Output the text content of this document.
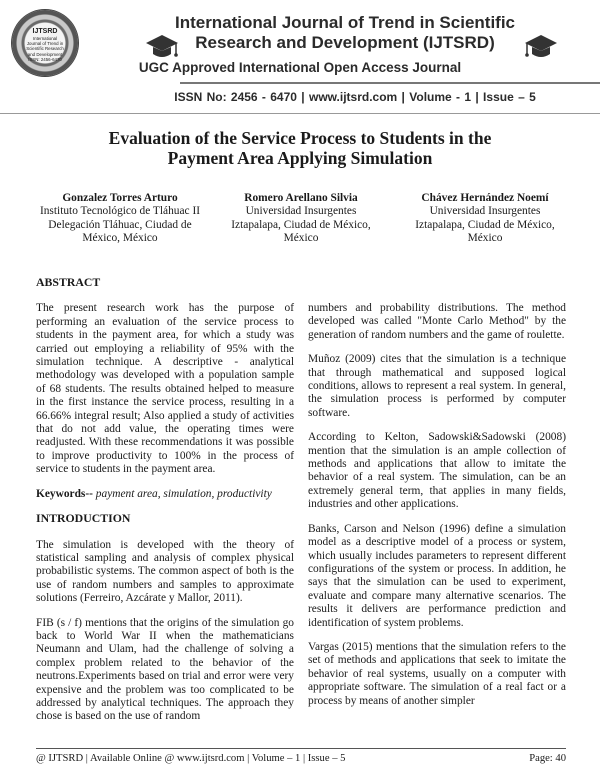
IJTSRD
International Journal of Trend in Scientific Research and Development
ISSN: 2456-6470
International Journal of Trend in Scientific
Research and Development (IJTSRD)
UGC Approved International Open Access Journal
ISSN No: 2456 - 6470 | www.ijtsrd.com | Volume - 1 | Issue – 5
Evaluation of the Service Process to Students in the
Payment Area Applying Simulation
Gonzalez Torres Arturo
Instituto Tecnológico de Tláhuac II
Delegación Tláhuac, Ciudad de
México, México
Romero Arellano Silvia
Universidad Insurgentes
Iztapalapa, Ciudad de México,
México
Chávez Hernández Noemí
Universidad Insurgentes
Iztapalapa, Ciudad de México,
México
ABSTRACT
The present research work has the purpose of performing an evaluation of the service process to students in the payment area, for which a study was carried out employing a reliability of 95% with the simulation technique. A descriptive - analytical methodology was developed with a population sample of 68 students. The results obtained helped to measure in the first instance the service process, resulting in a 66.66% integral result; Also applied a study of activities that do not add value, the operating times were readjusted. With these recommendations it was possible to improve productivity to 100% in the process of service to students in the payment area.
Keywords-- payment area, simulation, productivity
INTRODUCTION
The simulation is developed with the theory of statistical sampling and analysis of complex physical probabilistic systems. The common aspect of both is the use of random numbers and samples to approximate solutions (Ferreiro, Azcárate y Mallor, 2011).
FIB (s / f) mentions that the origins of the simulation go back to World War II when the mathematicians Neumann and Ulam, had the challenge of solving a complex problem related to the behavior of the neutrons.Experiments based on trial and error were very expensive and the problem was too complicated to be addressed by analytical techniques. The approach they chose is based on the use of random
numbers and probability distributions. The method developed was called "Monte Carlo Method" by the generation of random numbers and the game of roulette.
Muñoz (2009) cites that the simulation is a technique that through mathematical and supposed logical conditions, allows to represent a real system. In general, the simulation process is performed by computer software.
According to Kelton, Sadowski&Sadowski (2008) mention that the simulation is an ample collection of methods and applications that allow to imitate the behavior of a real system. The simulation, can be an extremely general term, that applies in many fields, industries and other applications.
Banks, Carson and Nelson (1996) define a simulation model as a descriptive model of a process or system, which usually includes parameters to represent different configurations of the system or process. In addition, he says that the simulation can be used to experiment, evaluate and compare many alternative scenarios. The results it delivers are performance prediction and identification of system problems.
Vargas (2015) mentions that the simulation refers to the set of methods and applications that seek to imitate the behavior of real systems, usually on a computer with appropriate software. The simulation of a real fact or a process by means of another simpler
@ IJTSRD | Available Online @ www.ijtsrd.com | Volume – 1 | Issue – 5	Page: 40
